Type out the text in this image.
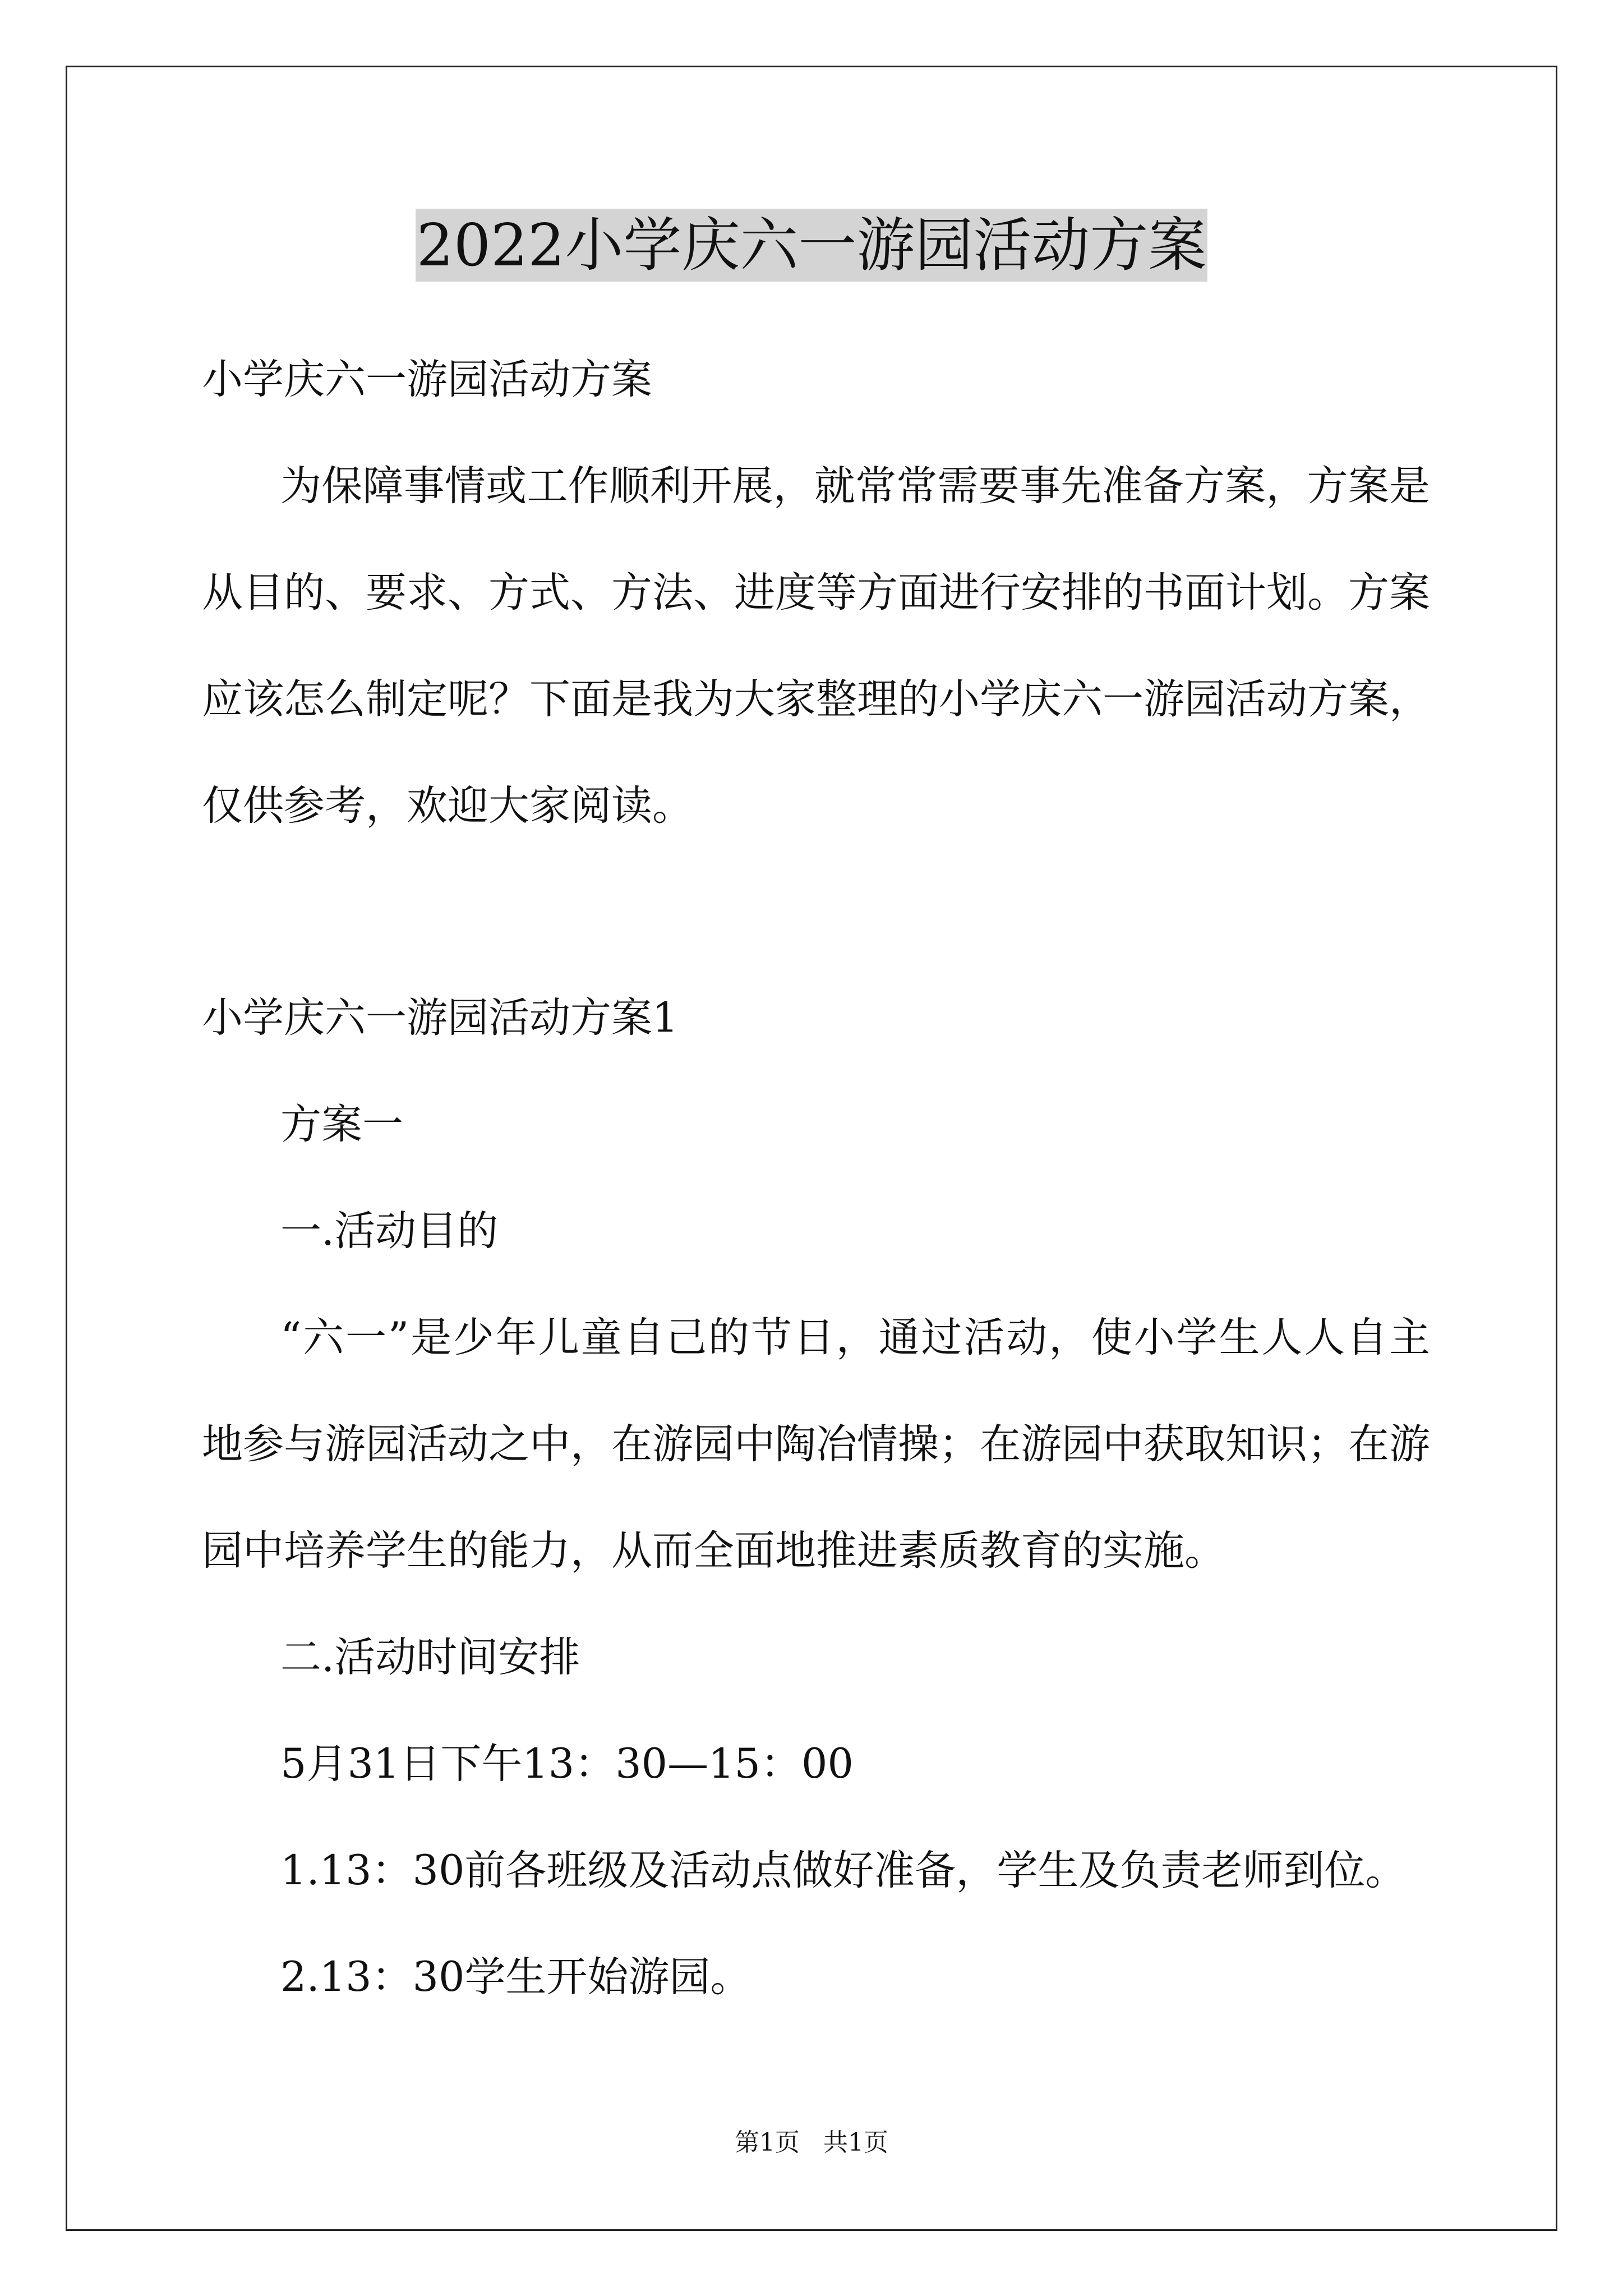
2022小学庆六一游园活动方案
小学庆六一游园活动方案
为保障事情或工作顺利开展，就常常需要事先准备方案，方案是
从目的、要求、方式、方法、进度等方面进行安排的书面计划。方案
应该怎么制定呢？下面是我为大家整理的小学庆六一游园活动方案，
仅供参考，欢迎大家阅读。
小学庆六一游园活动方案1
方案一
一.活动目的
“六一”是少年儿童自己的节日，通过活动，使小学生人人自主
地参与游园活动之中，在游园中陶冶情操；在游园中获取知识；在游
园中培养学生的能力，从而全面地推进素质教育的实施。
二.活动时间安排
5月31日下午13：30—15：00
1.13：30前各班级及活动点做好准备，学生及负责老师到位。
2.13：30学生开始游园。
第1页   共1页
